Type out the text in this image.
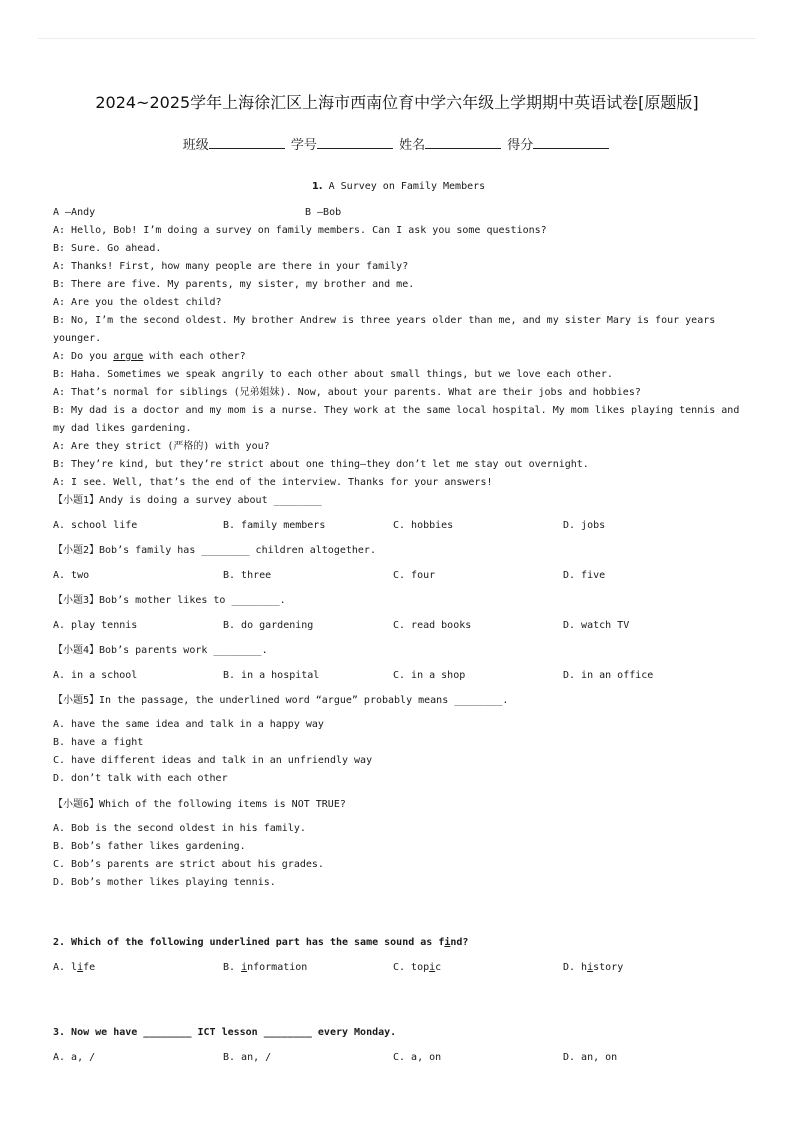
2024~2025学年上海徐汇区上海市西南位育中学六年级上学期期中英语试卷[原题版]
班级	学号	姓名	得分
1. A Survey on Family Members
A —Andy	B —Bob
A: Hello, Bob! I’m doing a survey on family members. Can I ask you some questions?
B: Sure. Go ahead.
A: Thanks! First, how many people are there in your family?
B: There are five. My parents, my sister, my brother and me.
A: Are you the oldest child?
B: No, I’m the second oldest. My brother Andrew is three years older than me, and my sister Mary is four years younger.
A: Do you argue with each other?
B: Haha. Sometimes we speak angrily to each other about small things, but we love each other.
A: That’s normal for siblings (兄弟姐妹). Now, about your parents. What are their jobs and hobbies?
B: My dad is a doctor and my mom is a nurse. They work at the same local hospital. My mom likes playing tennis and my dad likes gardening.
A: Are they strict (严格的) with you?
B: They’re kind, but they’re strict about one thing—they don’t let me stay out overnight.
A: I see. Well, that’s the end of the interview. Thanks for your answers!
【小题1】Andy is doing a survey about ________
A. school life	B. family members	C. hobbies	D. jobs
【小题2】Bob’s family has ________ children altogether.
A. two	B. three	C. four	D. five
【小题3】Bob’s mother likes to ________.
A. play tennis	B. do gardening	C. read books	D. watch TV
【小题4】Bob’s parents work ________.
A. in a school	B. in a hospital	C. in a shop	D. in an office
【小题5】In the passage, the underlined word “argue” probably means ________.
A. have the same idea and talk in a happy way
B. have a fight
C. have different ideas and talk in an unfriendly way
D. don’t talk with each other
【小题6】Which of the following items is NOT TRUE?
A. Bob is the second oldest in his family.
B. Bob’s father likes gardening.
C. Bob’s parents are strict about his grades.
D. Bob’s mother likes playing tennis.
2. Which of the following underlined part has the same sound as find?
A. life	B. information	C. topic	D. history
3. Now we have ________ ICT lesson ________ every Monday.
A. a, /	B. an, /	C. a, on	D. an, on
